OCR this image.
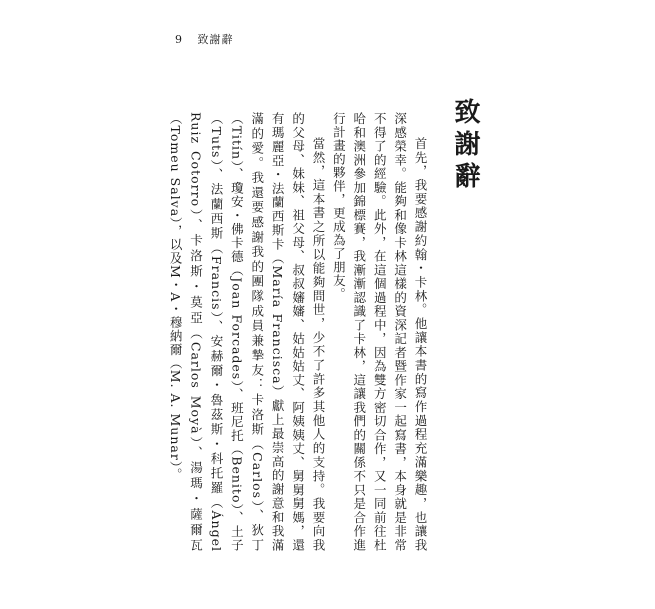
9 致謝辭
致謝辭

首先，我要感謝約翰・卡林。他讓本書的寫作過程充滿樂趣，也讓我深感榮幸。能夠和像卡林這樣的資深記者暨作家一起寫書，本身就是非常不得了的經驗。此外，在這個過程中，因為雙方密切合作，又一同前往杜哈和澳洲參加錦標賽，我漸漸認識了卡林，這讓我們的關係不只是合作進行計畫的夥伴，更成為了朋友。

當然，這本書之所以能夠問世，少不了許多其他人的支持。我要向我的父母、妹妹、祖父母、叔叔嬸嬸、姑姑姑丈、阿姨姨丈、舅舅舅媽，還有瑪麗亞・法蘭西斯卡（María Francisca）獻上最崇高的謝意和我滿滿的愛。我還要感謝我的團隊成員兼摯友：卡洛斯（Carlos）、狄丁（Titín）、瓊安・佛卡德（Joan Forcades）、班尼托（Benito）、土子（Tuts）、法蘭西斯（Francis）、安赫爾・魯茲斯・科托羅（Ángel Ruiz Cotorro）、卡洛斯・莫亞（Carlos Moyà）、湯瑪・薩爾瓦（Tomeu Salva），以及M・A・穆納爾（M. A. Munar）。
